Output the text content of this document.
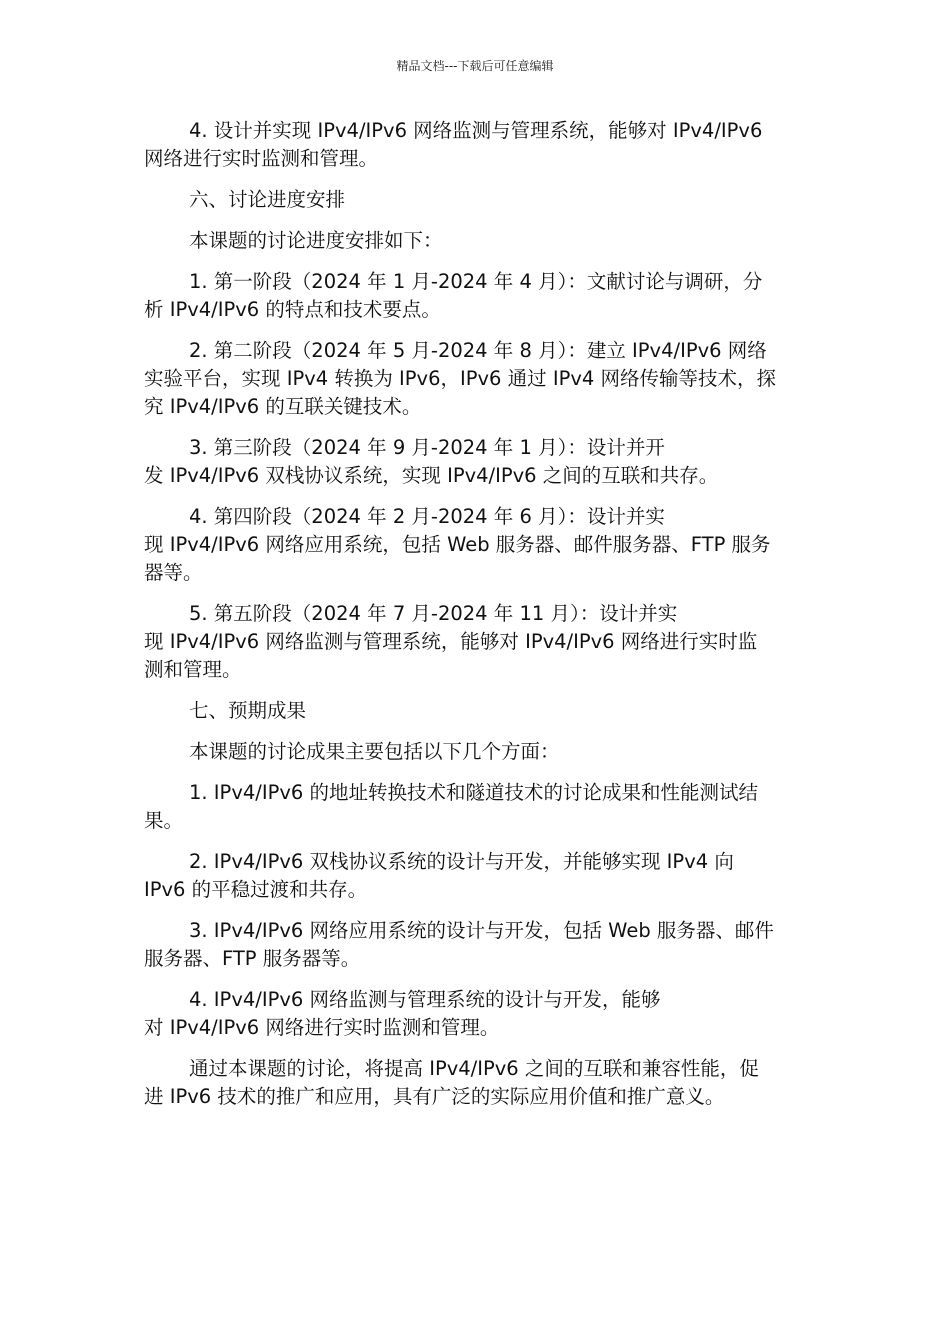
精品文档---下载后可任意编辑
4. 设计并实现 IPv4/IPv6 网络监测与管理系统，能够对 IPv4/IPv6
网络进行实时监测和管理。
六、讨论进度安排
本课题的讨论进度安排如下：
1. 第一阶段（2024 年 1 月-2024 年 4 月）：文献讨论与调研，分
析 IPv4/IPv6 的特点和技术要点。
2. 第二阶段（2024 年 5 月-2024 年 8 月）：建立 IPv4/IPv6 网络
实验平台，实现 IPv4 转换为 IPv6，IPv6 通过 IPv4 网络传输等技术，探
究 IPv4/IPv6 的互联关键技术。
3. 第三阶段（2024 年 9 月-2024 年 1 月）：设计并开
发 IPv4/IPv6 双栈协议系统，实现 IPv4/IPv6 之间的互联和共存。
4. 第四阶段（2024 年 2 月-2024 年 6 月）：设计并实
现 IPv4/IPv6 网络应用系统，包括 Web 服务器、邮件服务器、FTP 服务
器等。
5. 第五阶段（2024 年 7 月-2024 年 11 月）：设计并实
现 IPv4/IPv6 网络监测与管理系统，能够对 IPv4/IPv6 网络进行实时监
测和管理。
七、预期成果
本课题的讨论成果主要包括以下几个方面：
1. IPv4/IPv6 的地址转换技术和隧道技术的讨论成果和性能测试结
果。
2. IPv4/IPv6 双栈协议系统的设计与开发，并能够实现 IPv4 向
IPv6 的平稳过渡和共存。
3. IPv4/IPv6 网络应用系统的设计与开发，包括 Web 服务器、邮件
服务器、FTP 服务器等。
4. IPv4/IPv6 网络监测与管理系统的设计与开发，能够
对 IPv4/IPv6 网络进行实时监测和管理。
通过本课题的讨论，将提高 IPv4/IPv6 之间的互联和兼容性能，促
进 IPv6 技术的推广和应用，具有广泛的实际应用价值和推广意义。
